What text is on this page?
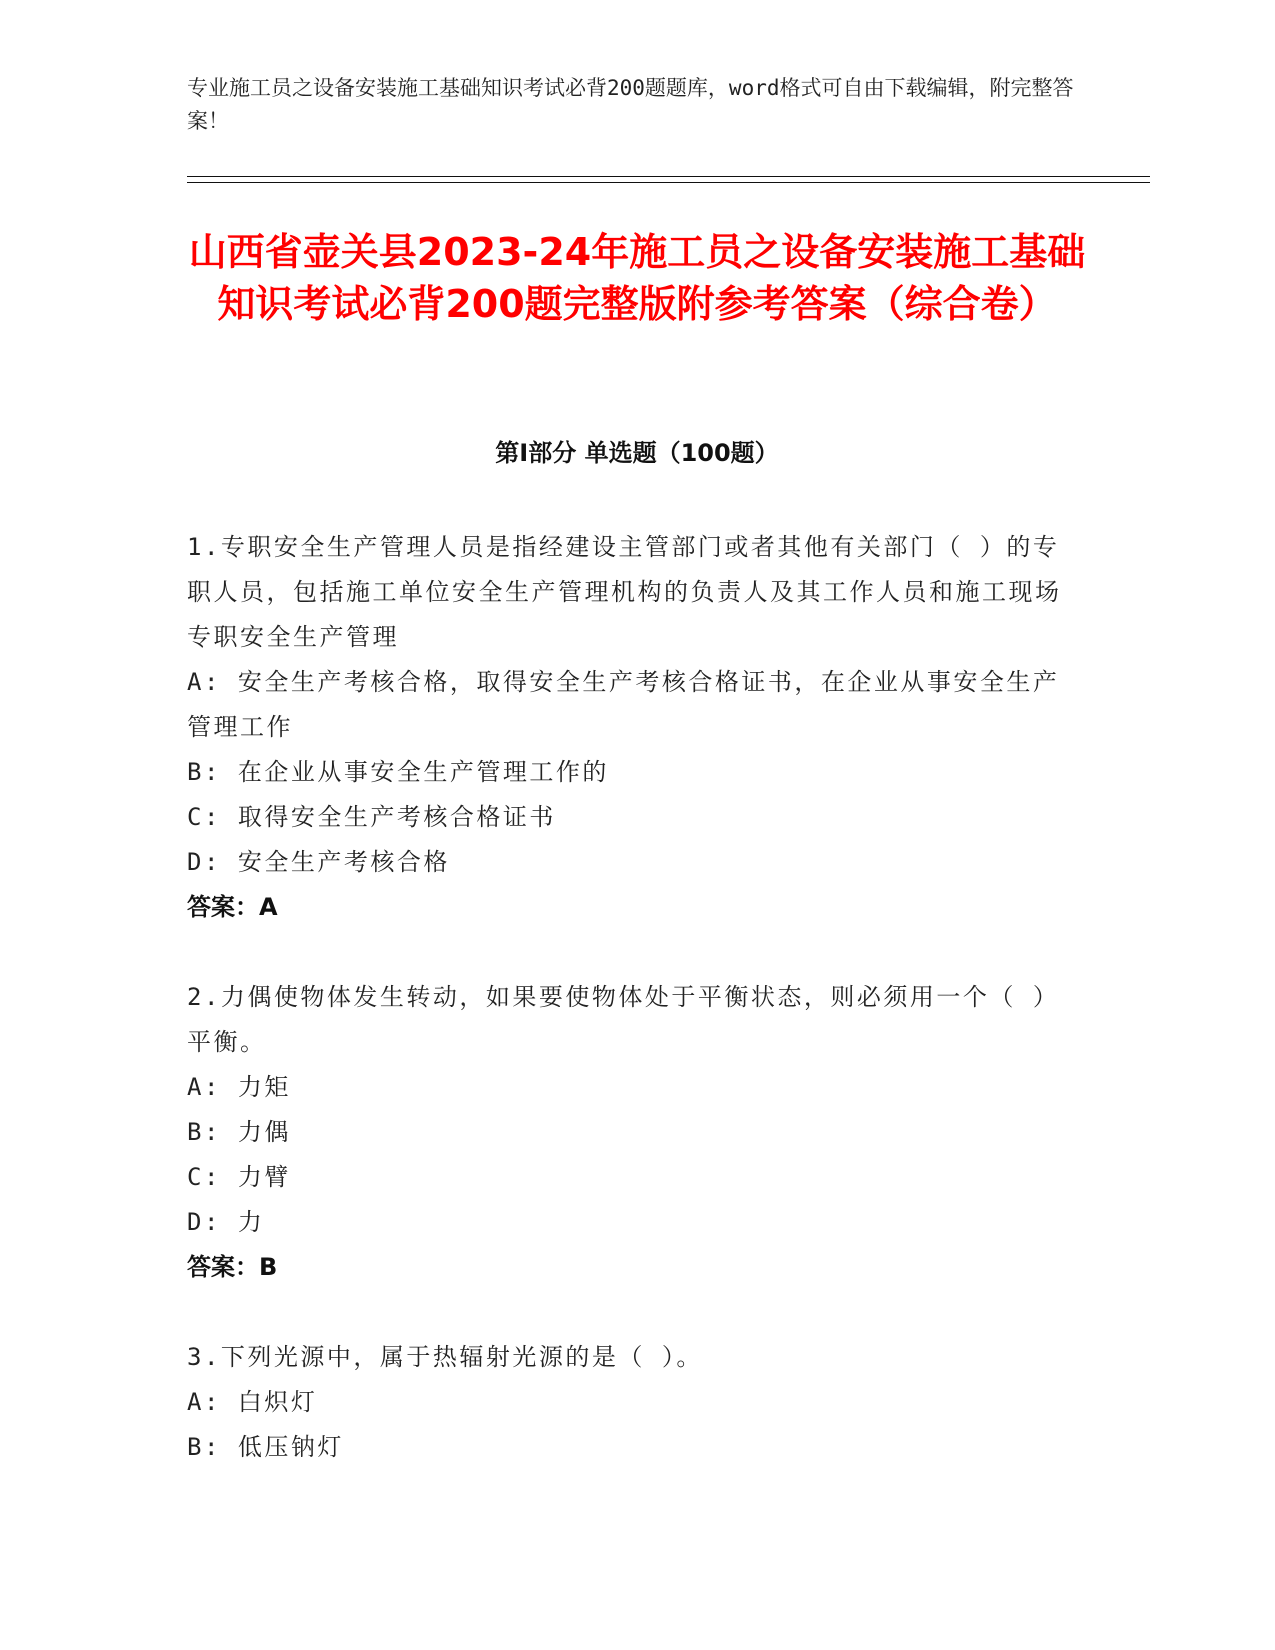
专业施工员之设备安装施工基础知识考试必背200题题库，word格式可自由下载编辑，附完整答案！
山西省壶关县2023-24年施工员之设备安装施工基础知识考试必背200题完整版附参考答案（综合卷）
第I部分 单选题（100题）

1.专职安全生产管理人员是指经建设主管部门或者其他有关部门（ ）的专职人员，包括施工单位安全生产管理机构的负责人及其工作人员和施工现场专职安全生产管理

A: 安全生产考核合格，取得安全生产考核合格证书，在企业从事安全生产管理工作

B: 在企业从事安全生产管理工作的

C: 取得安全生产考核合格证书

D: 安全生产考核合格

答案：A

2.力偶使物体发生转动，如果要使物体处于平衡状态，则必须用一个（ ）平衡。

A: 力矩

B: 力偶

C: 力臂

D: 力

答案：B

3.下列光源中，属于热辐射光源的是（ ）。

A: 白炽灯

B: 低压钠灯
